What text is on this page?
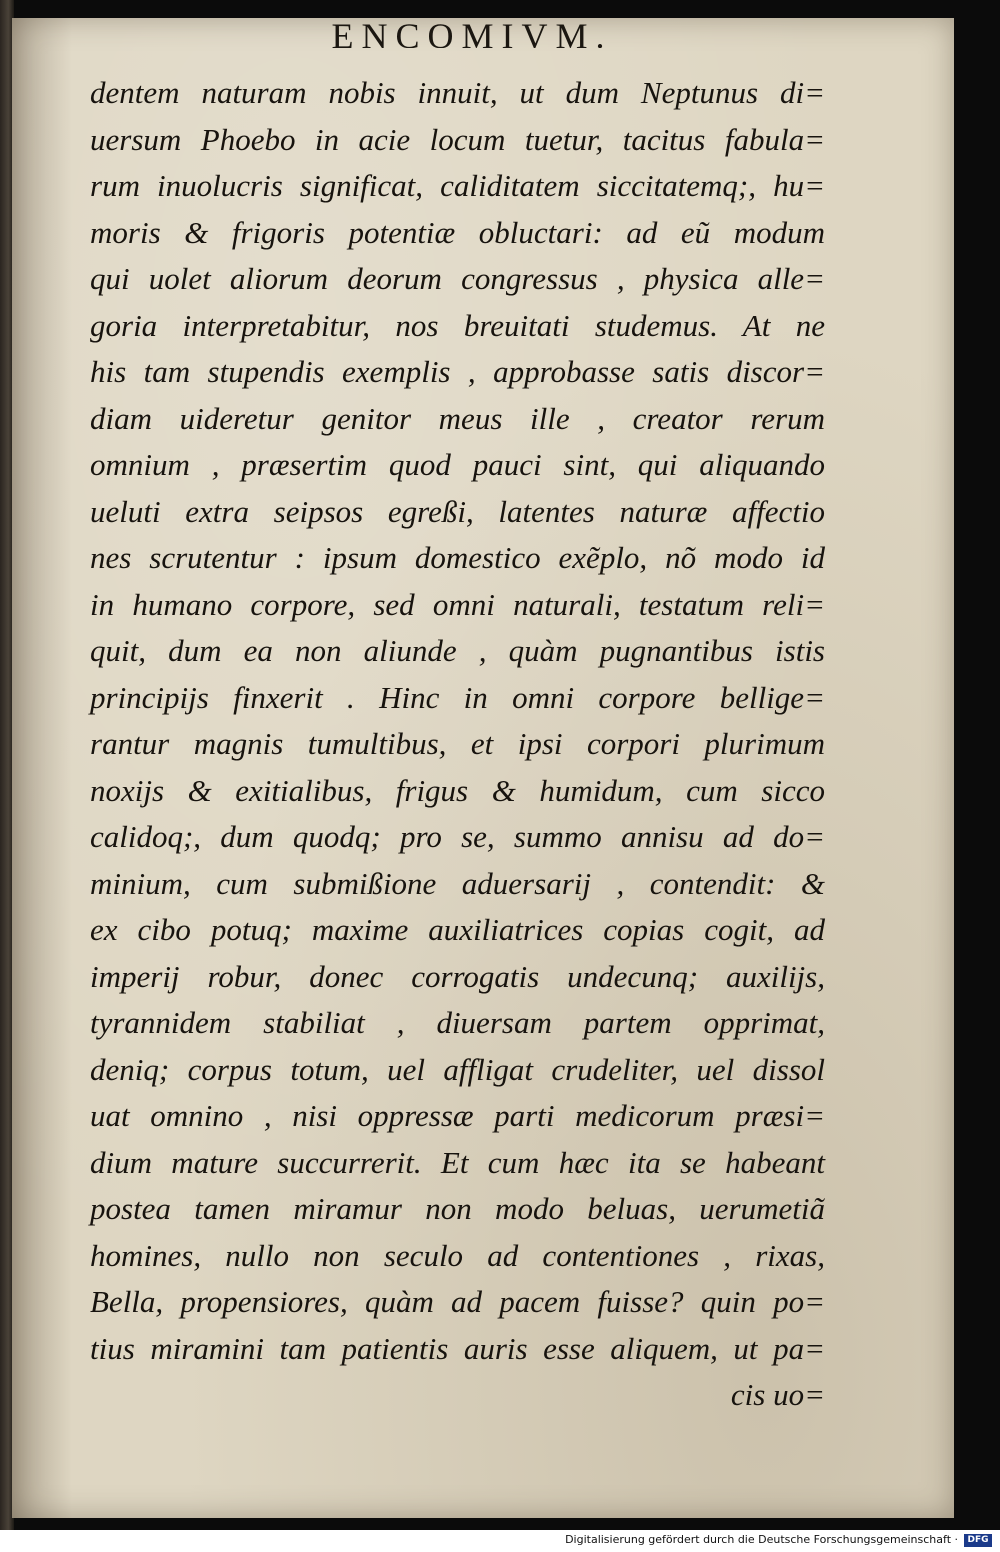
ENCOMIVM.
dentem naturam nobis innuit, ut dum Neptunus di=
uersum Phoebo in acie locum tuetur, tacitus fabula=
rum inuolucris significat, caliditatem siccitatemq;, hu=
moris & frigoris potentiæ obluctari: ad eũ modum
qui uolet aliorum deorum congressus , physica alle=
goria interpretabitur, nos breuitati studemus. At ne
his tam stupendis exemplis , approbasse satis discor=
diam uideretur genitor meus ille , creator rerum
omnium , præsertim quod pauci sint, qui aliquando
ueluti extra seipsos egreßi, latentes naturæ affectio
nes scrutentur : ipsum domestico exẽplo, nõ modo id
in humano corpore, sed omni naturali, testatum reli=
quit, dum ea non aliunde , quàm pugnantibus istis
principijs finxerit . Hinc in omni corpore bellige=
rantur magnis tumultibus, et ipsi corpori plurimum
noxijs & exitialibus, frigus & humidum, cum sicco
calidoq;, dum quodq; pro se, summo annisu ad do=
minium, cum submißione aduersarij , contendit: &
ex cibo potuq; maxime auxiliatrices copias cogit, ad
imperij robur, donec corrogatis undecunq; auxilijs,
tyrannidem stabiliat , diuersam partem opprimat,
deniq; corpus totum, uel affligat crudeliter, uel dissol
uat omnino , nisi oppressæ parti medicorum præsi=
dium mature succurrerit. Et cum hæc ita se habeant
postea tamen miramur non modo beluas, uerumetiã
homines, nullo non seculo ad contentiones , rixas,
Bella, propensiores, quàm ad pacem fuisse? quin po=
tius miramini tam patientis auris esse aliquem, ut pa=
cis uo=
Digitalisierung gefördert durch die Deutsche Forschungsgemeinschaft ·	DFG
